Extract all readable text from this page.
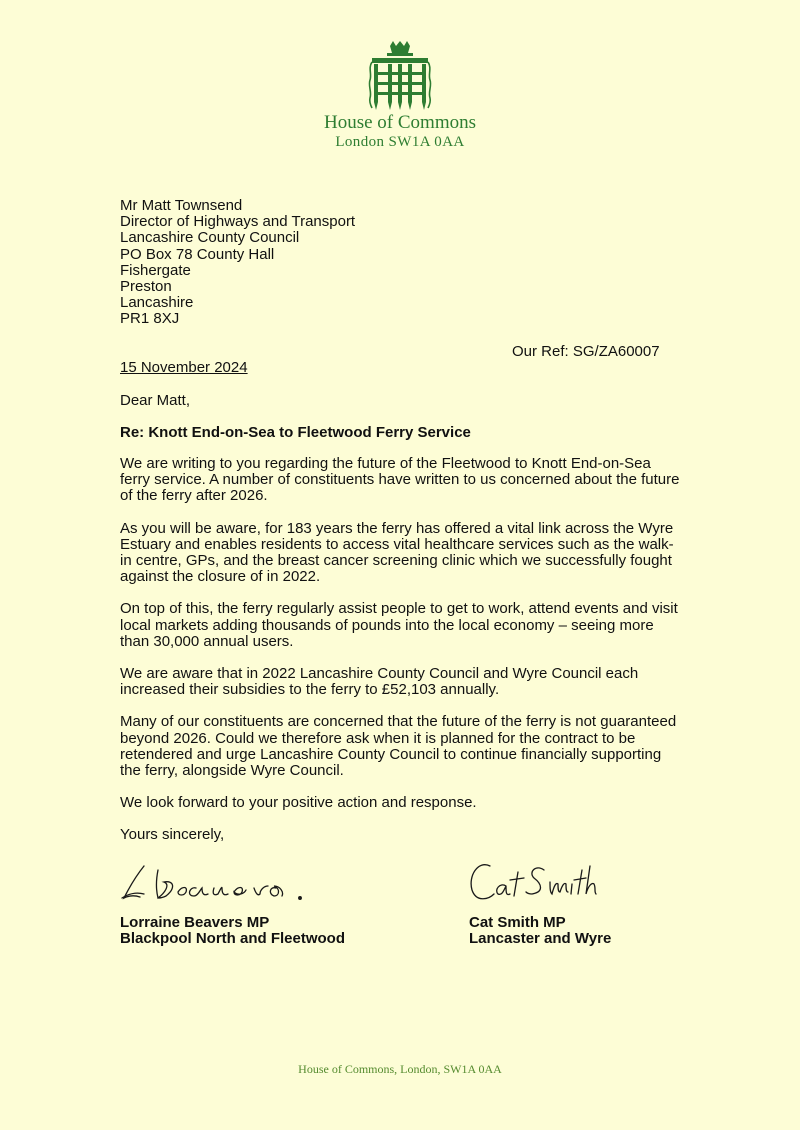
House of Commons
London SW1A 0AA
Mr Matt Townsend
Director of Highways and Transport
Lancashire County Council
PO Box 78 County Hall
Fishergate
Preston
Lancashire
PR1 8XJ
Our Ref: SG/ZA60007
15 November 2024
Dear Matt,
Re: Knott End-on-Sea to Fleetwood Ferry Service

We are writing to you regarding the future of the Fleetwood to Knott End-on-Sea ferry service. A number of constituents have written to us concerned about the future of the ferry after 2026.

As you will be aware, for 183 years the ferry has offered a vital link across the Wyre Estuary and enables residents to access vital healthcare services such as the walk-in centre, GPs, and the breast cancer screening clinic which we successfully fought against the closure of in 2022.

On top of this, the ferry regularly assist people to get to work, attend events and visit local markets adding thousands of pounds into the local economy – seeing more than 30,000 annual users.

We are aware that in 2022 Lancashire County Council and Wyre Council each increased their subsidies to the ferry to £52,103 annually.

Many of our constituents are concerned that the future of the ferry is not guaranteed beyond 2026. Could we therefore ask when it is planned for the contract to be retendered and urge Lancashire County Council to continue financially supporting the ferry, alongside Wyre Council.

We look forward to your positive action and response.

Yours sincerely,
Lorraine Beavers MP
Blackpool North and Fleetwood
Cat Smith MP
Lancaster and Wyre
House of Commons, London, SW1A 0AA
